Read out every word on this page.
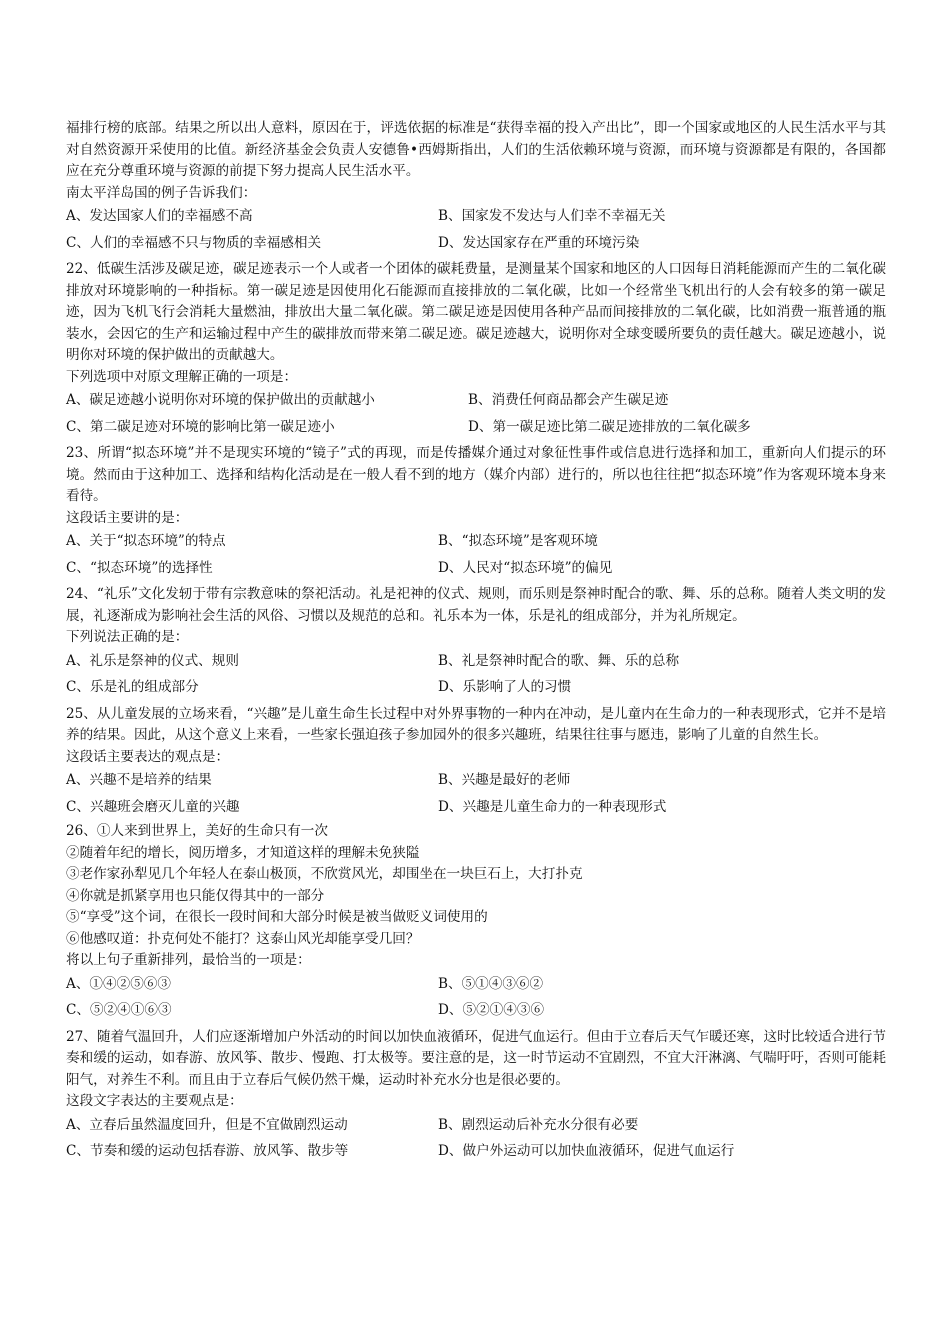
福排行榜的底部。结果之所以出人意料，原因在于，评选依据的标准是“获得幸福的投入产出比”，即一个国家或地区的人民生活水平与其对自然资源开采使用的比值。新经济基金会负责人安德鲁•西姆斯指出，人们的生活依赖环境与资源，而环境与资源都是有限的，各国都应在充分尊重环境与资源的前提下努力提高人民生活水平。

南太平洋岛国的例子告诉我们：

A、发达国家人们的幸福感不高	B、国家发不发达与人们幸不幸福无关
C、人们的幸福感不只与物质的幸福感相关	D、发达国家存在严重的环境污染

22、低碳生活涉及碳足迹，碳足迹表示一个人或者一个团体的碳耗费量，是测量某个国家和地区的人口因每日消耗能源而产生的二氧化碳排放对环境影响的一种指标。第一碳足迹是因使用化石能源而直接排放的二氧化碳，比如一个经常坐飞机出行的人会有较多的第一碳足迹，因为飞机飞行会消耗大量燃油，排放出大量二氧化碳。第二碳足迹是因使用各种产品而间接排放的二氧化碳，比如消费一瓶普通的瓶装水，会因它的生产和运输过程中产生的碳排放而带来第二碳足迹。碳足迹越大，说明你对全球变暖所要负的责任越大。碳足迹越小，说明你对环境的保护做出的贡献越大。

下列选项中对原文理解正确的一项是：

A、碳足迹越小说明你对环境的保护做出的贡献越小	B、消费任何商品都会产生碳足迹
C、第二碳足迹对环境的影响比第一碳足迹小	D、第一碳足迹比第二碳足迹排放的二氧化碳多

23、所谓“拟态环境”并不是现实环境的“镜子”式的再现，而是传播媒介通过对象征性事件或信息进行选择和加工，重新向人们提示的环境。然而由于这种加工、选择和结构化活动是在一般人看不到的地方（媒介内部）进行的，所以也往往把“拟态环境”作为客观环境本身来看待。

这段话主要讲的是：

A、关于“拟态环境”的特点	B、“拟态环境”是客观环境
C、“拟态环境”的选择性	D、人民对“拟态环境”的偏见

24、“礼乐”文化发轫于带有宗教意味的祭祀活动。礼是祀神的仪式、规则，而乐则是祭神时配合的歌、舞、乐的总称。随着人类文明的发展，礼逐渐成为影响社会生活的风俗、习惯以及规范的总和。礼乐本为一体，乐是礼的组成部分，并为礼所规定。

下列说法正确的是：

A、礼乐是祭神的仪式、规则	B、礼是祭神时配合的歌、舞、乐的总称
C、乐是礼的组成部分	D、乐影响了人的习惯

25、从儿童发展的立场来看，“兴趣”是儿童生命生长过程中对外界事物的一种内在冲动，是儿童内在生命力的一种表现形式，它并不是培养的结果。因此，从这个意义上来看，一些家长强迫孩子参加园外的很多兴趣班，结果往往事与愿违，影响了儿童的自然生长。

这段话主要表达的观点是：

A、兴趣不是培养的结果	B、兴趣是最好的老师
C、兴趣班会磨灭儿童的兴趣	D、兴趣是儿童生命力的一种表现形式

26、①人来到世界上，美好的生命只有一次

②随着年纪的增长，阅历增多，才知道这样的理解未免狭隘

③老作家孙犁见几个年轻人在泰山极顶，不欣赏风光，却围坐在一块巨石上，大打扑克

④你就是抓紧享用也只能仅得其中的一部分

⑤“享受”这个词，在很长一段时间和大部分时候是被当做贬义词使用的

⑥他感叹道：扑克何处不能打？这泰山风光却能享受几回？

将以上句子重新排列，最恰当的一项是：

A、①④②⑤⑥③	B、⑤①④③⑥②
C、⑤②④①⑥③	D、⑤②①④③⑥

27、随着气温回升，人们应逐渐增加户外活动的时间以加快血液循环，促进气血运行。但由于立春后天气乍暖还寒，这时比较适合进行节奏和缓的运动，如春游、放风筝、散步、慢跑、打太极等。要注意的是，这一时节运动不宜剧烈，不宜大汗淋漓、气喘吁吁，否则可能耗阳气，对养生不利。而且由于立春后气候仍然干燥，运动时补充水分也是很必要的。

这段文字表达的主要观点是：

A、立春后虽然温度回升，但是不宜做剧烈运动	B、剧烈运动后补充水分很有必要
C、节奏和缓的运动包括春游、放风筝、散步等	D、做户外运动可以加快血液循环，促进气血运行
